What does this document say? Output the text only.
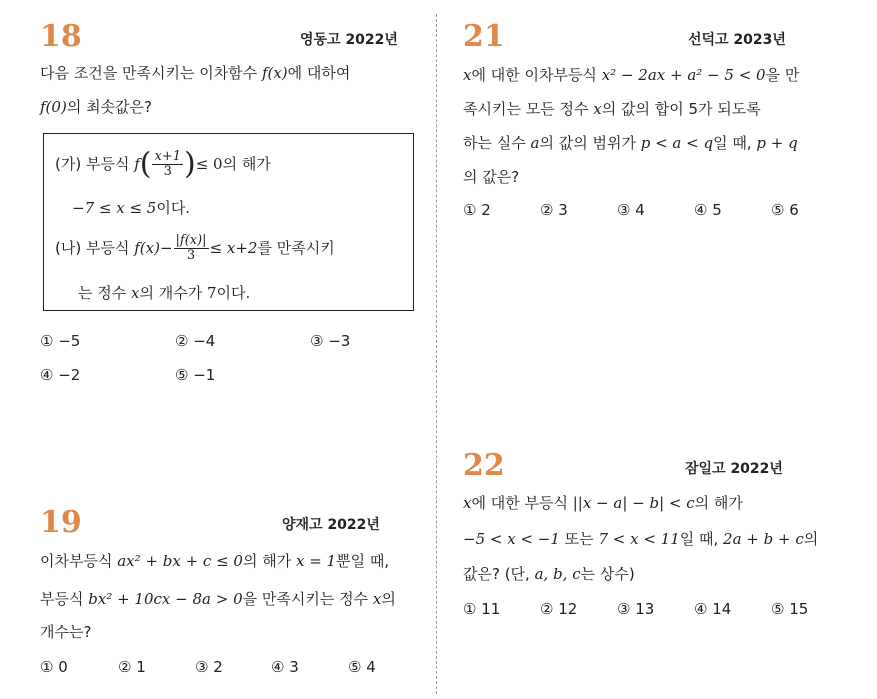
18	영동고 2022년
다음 조건을 만족시키는 이차함수 f(x)에 대하여
f(0)의 최솟값은?
(가) 부등식 $f( \frac{x+1}{3}$ )≤ 0의 해가
−7 ≤ x ≤ 5이다.
(나) 부등식 $f(x)- \frac{|f(x)|}{3} \le x+2$를 만족시키
는 정수 x의 개수가 7이다.
① −5	② −4	③ −3
④ −2	⑤ −1
19	양재고 2022년
이차부등식 ax² + bx + c ≤ 0의 해가 x = 1뿐일 때,
부등식 bx² + 10cx − 8a > 0을 만족시키는 정수 x의
개수는?
① 0	② 1	③ 2	④ 3	⑤ 4
21	선덕고 2023년
x에 대한 이차부등식 x² − 2ax + a² − 5 < 0을 만
족시키는 모든 정수 x의 값의 합이 5가 되도록
하는 실수 a의 값의 범위가 p < a < q일 때, p + q
의 값은?
① 2	② 3	③ 4	④ 5	⑤ 6
22	잠일고 2022년
x에 대한 부등식 ||x − a| − b| < c의 해가
−5 < x < −1 또는 7 < x < 11일 때, 2a + b + c의
값은? (단, a, b, c는 상수)
① 11	② 12	③ 13	④ 14	⑤ 15
